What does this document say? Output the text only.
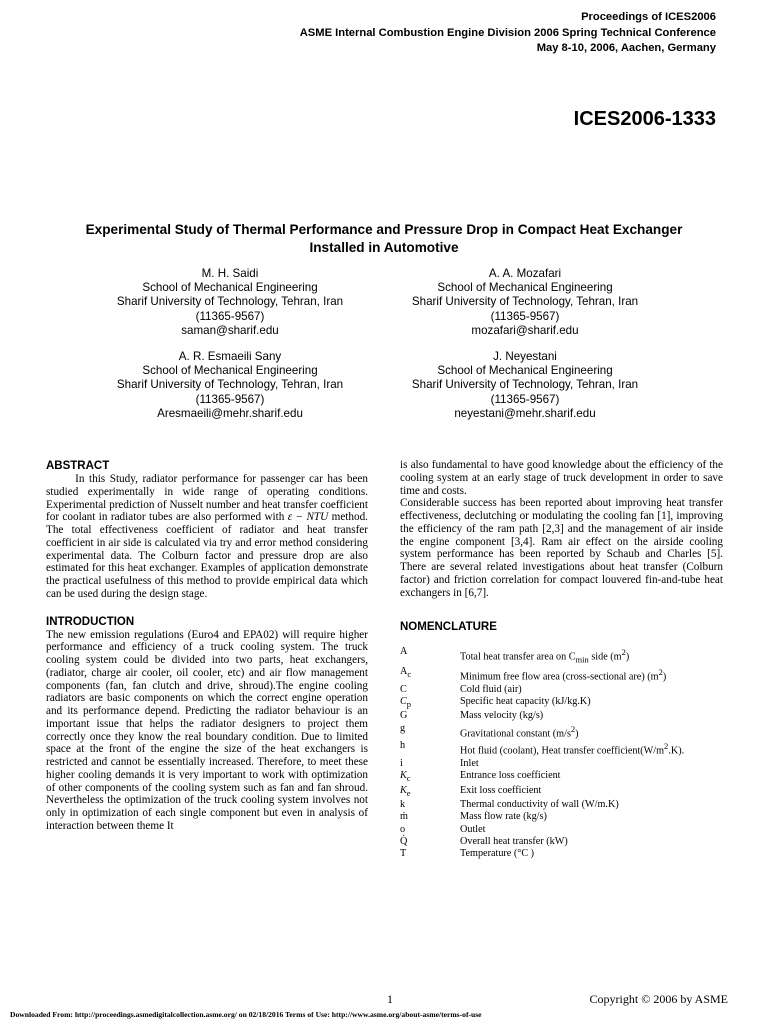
Proceedings of ICES2006
ASME Internal Combustion Engine Division 2006 Spring Technical Conference
May 8-10, 2006, Aachen, Germany
ICES2006-1333
Experimental Study of Thermal Performance and Pressure Drop in Compact Heat Exchanger Installed in Automotive
M. H. Saidi
School of Mechanical Engineering
Sharif University of Technology, Tehran, Iran
(11365-9567)
saman@sharif.edu
A. A. Mozafari
School of Mechanical Engineering
Sharif University of Technology, Tehran, Iran
(11365-9567)
mozafari@sharif.edu
A. R. Esmaeili Sany
School of Mechanical Engineering
Sharif University of Technology, Tehran, Iran
(11365-9567)
Aresmaeili@mehr.sharif.edu
J. Neyestani
School of Mechanical Engineering
Sharif University of Technology, Tehran, Iran
(11365-9567)
neyestani@mehr.sharif.edu
ABSTRACT

In this Study, radiator performance for passenger car has been studied experimentally in wide range of operating conditions. Experimental prediction of Nusselt number and heat transfer coefficient for coolant in radiator tubes are also performed with ε − NTU method. The total effectiveness coefficient of radiator and heat transfer coefficient in air side is calculated via try and error method considering experimental data. The Colburn factor and pressure drop are also estimated for this heat exchanger. Examples of application demonstrate the practical usefulness of this method to provide empirical data which can be used during the design stage.

INTRODUCTION

The new emission regulations (Euro4 and EPA02) will require higher performance and efficiency of a truck cooling system. The truck cooling system could be divided into two parts, heat exchangers, (radiator, charge air cooler, oil cooler, etc) and air flow management components (fan, fan clutch and drive, shroud).The engine cooling radiators are basic components on which the correct engine operation and its performance depend. Predicting the radiator behaviour is an important issue that helps the radiator designers to project them correctly once they know the real boundary condition. Due to limited space at the front of the engine the size of the heat exchangers is restricted and cannot be essentially increased. Therefore, to meet these higher cooling demands it is very important to work with optimization of other components of the cooling system such as fan and fan shroud. Nevertheless the optimization of the truck cooling system involves not only in optimization of each single component but even in analysis of interaction between theme It

is also fundamental to have good knowledge about the efficiency of the cooling system at an early stage of truck development in order to save time and costs.

Considerable success has been reported about improving heat transfer effectiveness, declutching or modulating the cooling fan [1], improving the efficiency of the ram path [2,3] and the management of air inside the engine component [3,4]. Ram air effect on the airside cooling system performance has been reported by Schaub and Charles [5]. There are several related investigations about heat transfer (Colburn factor) and friction correlation for compact louvered fin-and-tube heat exchangers in [6,7].

NOMENCLATURE
A	Total heat transfer area on $C_{min}$ side $(m^2)$
$A_c$	Minimum free flow area (cross-sectional are) $(m^2)$
C	Cold fluid (air)
$C_p$	Specific heat capacity (kJ/kg.K)
G	Mass velocity (kg/s)
g	Gravitational constant $(m/s^2)$
h	Hot fluid (coolant), Heat transfer $coefficient(W/m^2.K)$.
i	Inlet
$K_c$	Entrance loss coefficient
$K_e$	Exit loss coefficient
k	Thermal conductivity of wall (W/m.K)
ṁ	Mass flow rate (kg/s)
o	Outlet
Q̇	Overall heat transfer (kW)
T	Temperature (°C )
1	Copyright © 2006 by ASME
Downloaded From: http://proceedings.asmedigitalcollection.asme.org/ on 02/18/2016 Terms of Use: http://www.asme.org/about-asme/terms-of-use
